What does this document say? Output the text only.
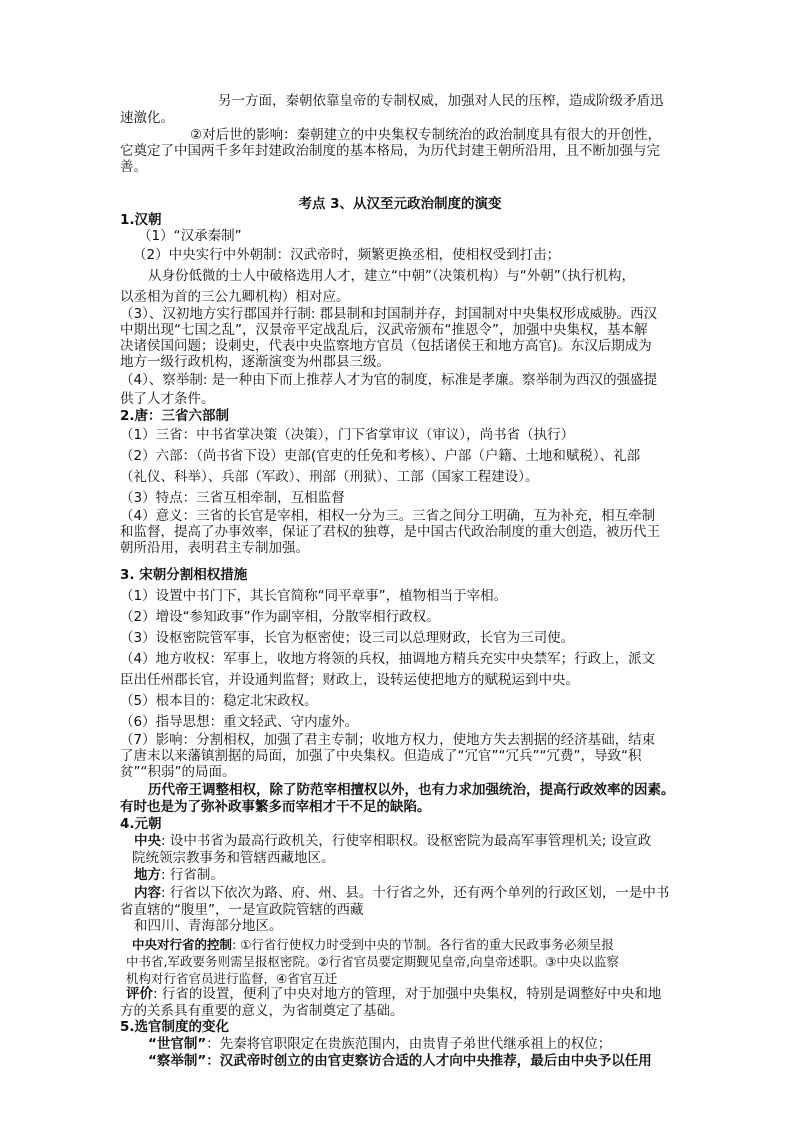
另一方面，秦朝依靠皇帝的专制权威，加强对人民的压榨，造成阶级矛盾迅
速激化。
②对后世的影响：秦朝建立的中央集权专制统治的政治制度具有很大的开创性，
它奠定了中国两千多年封建政治制度的基本格局，为历代封建王朝所沿用，且不断加强与完
善。
考点 3、从汉至元政治制度的演变
1.汉朝
（1）“汉承秦制”
（2）中央实行中外朝制：汉武帝时，频繁更换丞相，使相权受到打击；
从身份低微的士人中破格选用人才，建立“中朝”（决策机构）与“外朝”（执行机构，
以丞相为首的三公九卿机构）相对应。
（3）、汉初地方实行郡国并行制: 郡县制和封国制并存，封国制对中央集权形成威胁。西汉
中期出现“七国之乱”，汉景帝平定战乱后，汉武帝颁布“推恩令”，加强中央集权，基本解
决诸侯国问题；设刺史，代表中央监察地方官员（包括诸侯王和地方高官)。东汉后期成为
地方一级行政机构，逐渐演变为州郡县三级。
（4）、察举制: 是一种由下而上推荐人才为官的制度，标准是孝廉。察举制为西汉的强盛提
供了人才条件。
2.唐：三省六部制
（1）三省：中书省掌决策（决策），门下省掌审议（审议），尚书省（执行）
（2）六部：（尚书省下设）吏部(官吏的任免和考核）、户部（户籍、土地和赋税）、礼部
（礼仪、科举）、兵部（军政）、刑部（刑狱）、工部（国家工程建设）。
（3）特点：三省互相牵制，互相监督
（4）意义：三省的长官是宰相，相权一分为三。三省之间分工明确，互为补充，相互牵制
和监督，提高了办事效率，保证了君权的独尊，是中国古代政治制度的重大创造，被历代王
朝所沿用，表明君主专制加强。
3. 宋朝分割相权措施
（1）设置中书门下，其长官简称“同平章事”，植物相当于宰相。
（2）增设“参知政事”作为副宰相，分散宰相行政权。
（3）设枢密院管军事，长官为枢密使；设三司以总理财政，长官为三司使。
（4）地方收权：军事上，收地方将领的兵权，抽调地方精兵充实中央禁军；行政上，派文
臣出任州郡长官，并设通判监督；财政上，设转运使把地方的赋税运到中央。
（5）根本目的：稳定北宋政权。
（6）指导思想：重文轻武、守内虚外。
（7）影响：分割相权，加强了君主专制；收地方权力，使地方失去割据的经济基础，结束
了唐末以来藩镇割据的局面，加强了中央集权。但造成了“冗官”“冗兵”“冗费”，导致“积
贫”“积弱”的局面。
历代帝王调整相权，除了防范宰相擅权以外，也有力求加强统治，提高行政效率的因素。
有时也是为了弥补政事繁多而宰相才干不足的缺陷。
4.元朝
中央: 设中书省为最高行政机关，行使宰相职权。设枢密院为最高军事管理机关; 设宣政
院统领宗教事务和管辖西藏地区。
地方: 行省制。
内容: 行省以下依次为路、府、州、县。十行省之外，还有两个单列的行政区划，一是中书
省直辖的“腹里”，一是宣政院管辖的西藏
和四川、青海部分地区。
中央对行省的控制: ①行省行使权力时受到中央的节制。各行省的重大民政事务必须呈报
中书省,军政要务则需呈报枢密院。②行省官员要定期觐见皇帝,向皇帝述职。③中央以监察
机构对行省官员进行监督，④省官互迁
评价: 行省的设置，便利了中央对地方的管理，对于加强中央集权，特别是调整好中央和地
方的关系具有重要的意义，为省制奠定了基础。
5.选官制度的变化
“世官制”：先秦将官职限定在贵族范围内，由贵胄子弟世代继承祖上的权位；
“察举制”：汉武帝时创立的由官吏察访合适的人才向中央推荐，最后由中央予以任用
